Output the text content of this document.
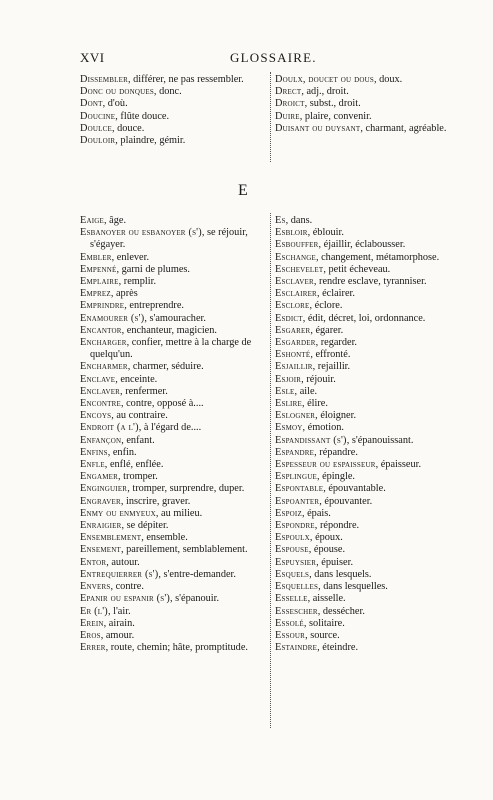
XVI	GLOSSAIRE.
Dissembler, différer, ne pas ressembler.
Donc ou donques, donc.
Dont, d'où.
Doucine, flûte douce.
Doulce, douce.
Douloir, plaindre, gémir.
Doulx, doucet ou dous, doux.
Drect, adj., droit.
Droict, subst., droit.
Duire, plaire, convenir.
Duisant ou duysant, charmant, agréable.
E
Eaige, âge.
Esbanoyer ou esbanoyer (s'), se réjouir, s'égayer.
Embler, enlever.
Empenné, garni de plumes.
Emplaire, remplir.
Emprez, après
Emprindre, entreprendre.
Enamourer (s'), s'amouracher.
Encantor, enchanteur, magicien.
Encharger, confier, mettre à la charge de quelqu'un.
Encharmer, charmer, séduire.
Enclave, enceinte.
Enclaver, renfermer.
Encontre, contre, opposé à....
Encoys, au contraire.
Endroit (a l'), à l'égard de....
Enfançon, enfant.
Enfins, enfin.
Enfle, enflé, enflée.
Engamer, tromper.
Enginguier, tromper, surprendre, duper.
Engraver, inscrire, graver.
Enmy ou enmyeux, au milieu.
Enraigier, se dépiter.
Ensemblement, ensemble.
Ensement, pareillement, semblablement.
Entor, autour.
Entrequierrer (s'), s'entre-demander.
Envers, contre.
Epanir ou espanir (s'), s'épanouir.
Er (l'), l'air.
Erein, airain.
Eros, amour.
Errer, route, chemin; hâte, promptitude.
Es, dans.
Esbloir, éblouir.
Esbouffer, éjaillir, éclabousser.
Eschange, changement, métamorphose.
Escheveleт, petit écheveau.
Esclaver, rendre esclave, tyranniser.
Esclairer, éclairer.
Esclore, éclore.
Esdict, édit, décret, loi, ordonnance.
Esgarer, égarer.
Esgarder, regarder.
Eshonté, effronté.
Esjaillir, rejaillir.
Esjoir, réjouir.
Esle, aile.
Eslire, élire.
Eslogner, éloigner.
Esmoy, émotion.
Espandissant (s'), s'épanouissant.
Espandre, répandre.
Espesseur ou espaisseur, épaisseur.
Esplingue, épingle.
Espontable, épouvantable.
Espoanter, épouvanter.
Espoiz, épais.
Espondre, répondre.
Espoulx, époux.
Espouse, épouse.
Espuysier, épuiser.
Esquels, dans lesquels.
Esquelles, dans lesquelles.
Esselle, aisselle.
Essescher, dessécher.
Essolé, solitaire.
Essour, source.
Estaindre, éteindre.
